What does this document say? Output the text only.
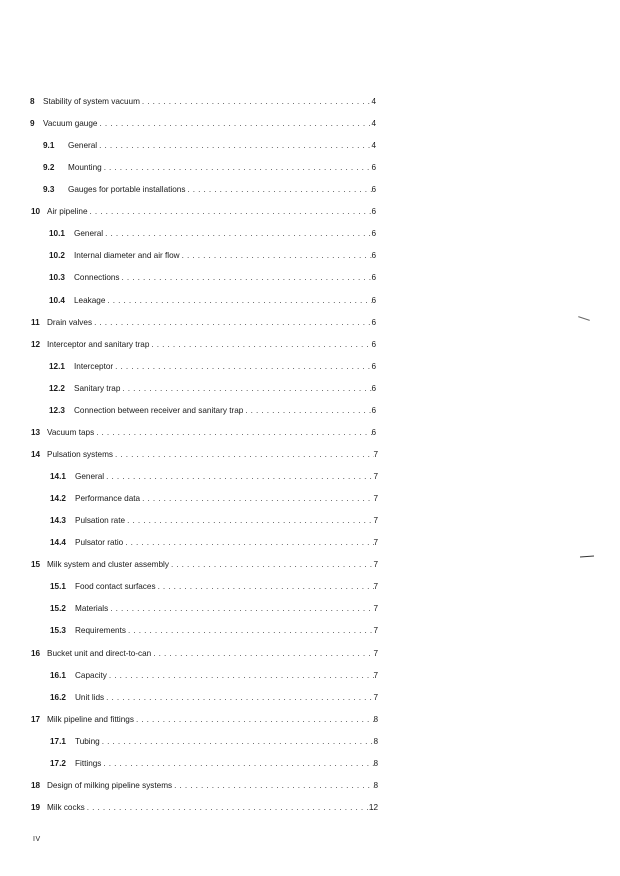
8	Stability of system vacuum .....	4
9	Vacuum gauge .....	4
9.1	General .....	4
9.2	Mounting .....	6
9.3	Gauges for portable installations .....	6
10 Air pipeline .....	6
10.1	General .....	6
10.2	Internal diameter and air flow .....	6
10.3	Connections .....	6
10.4	Leakage .....	6
11 Drain valves .....	6
12 Interceptor and sanitary trap .....	6
12.1	Interceptor .....	6
12.2	Sanitary trap .....	6
12.3	Connection between receiver and sanitary trap .....	6
13 Vacuum taps .....	6
14 Pulsation systems .....	7
14.1	General .....	7
14.2	Performance data .....	7
14.3	Pulsation rate .....	7
14.4	Pulsator ratio .....	7
15 Milk system and cluster assembly .....	7
15.1	Food contact surfaces .....	7
15.2	Materials .....	7
15.3	Requirements .....	7
16 Bucket unit and direct-to-can .....	7
16.1	Capacity .....	7
16.2	Unit lids .....	7
17 Milk pipeline and fittings .....	8
17.1	Tubing .....	8
17.2	Fittings .....	8
18 Design of milking pipeline systems .....	8
19 Milk cocks .....	12
IV
